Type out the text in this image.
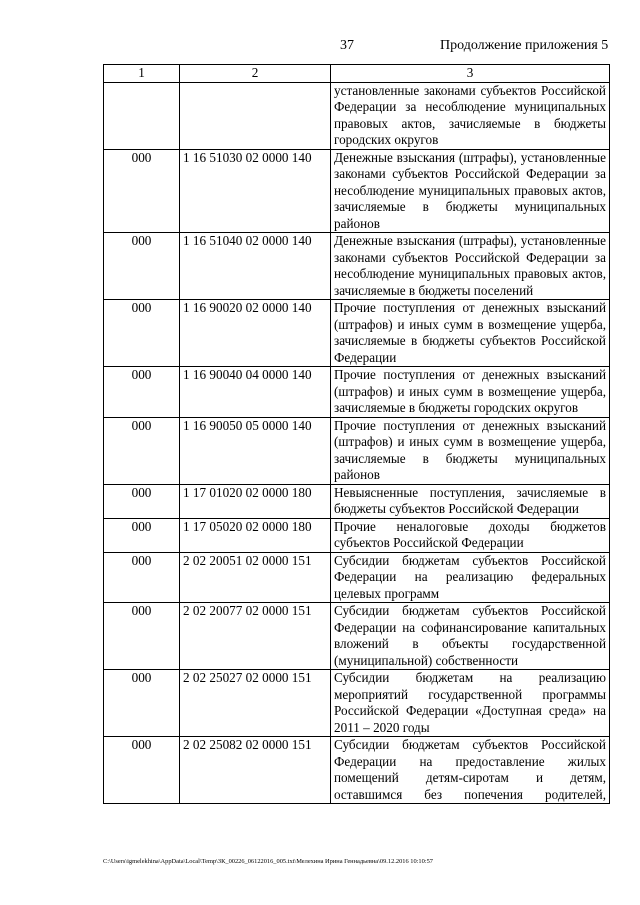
37	Продолжение приложения 5
1	2	3
		установленные законами субъектов Российской Федерации за несоблюдение муниципальных правовых актов, зачисляемые в бюджеты городских округов
000	1 16 51030 02 0000 140	Денежные взыскания (штрафы), установленные законами субъектов Российской Федерации за несоблюдение муниципальных правовых актов, зачисляемые в бюджеты муниципальных районов
000	1 16 51040 02 0000 140	Денежные взыскания (штрафы), установленные законами субъектов Российской Федерации за несоблюдение муниципальных правовых актов, зачисляемые в бюджеты поселений
000	1 16 90020 02 0000 140	Прочие поступления от денежных взысканий (штрафов) и иных сумм в возмещение ущерба, зачисляемые в бюджеты субъектов Российской Федерации
000	1 16 90040 04 0000 140	Прочие поступления от денежных взысканий (штрафов) и иных сумм в возмещение ущерба, зачисляемые в бюджеты городских округов
000	1 16 90050 05 0000 140	Прочие поступления от денежных взысканий (штрафов) и иных сумм в возмещение ущерба, зачисляемые в бюджеты муниципальных районов
000	1 17 01020 02 0000 180	Невыясненные поступления, зачисляемые в бюджеты субъектов Российской Федерации
000	1 17 05020 02 0000 180	Прочие неналоговые доходы бюджетов субъектов Российской Федерации
000	2 02 20051 02 0000 151	Субсидии бюджетам субъектов Российской Федерации на реализацию федеральных целевых программ
000	2 02 20077 02 0000 151	Субсидии бюджетам субъектов Российской Федерации на софинансирование капитальных вложений в объекты государственной (муниципальной) собственности
000	2 02 25027 02 0000 151	Субсидии бюджетам на реализацию мероприятий государственной программы Российской Федерации «Доступная среда» на 2011 – 2020 годы
000	2 02 25082 02 0000 151	Субсидии бюджетам субъектов Российской Федерации на предоставление жилых помещений детям-сиротам и детям, оставшимся без попечения родителей,
C:\Users\igmelekhina\AppData\Local\Temp\ЗК_00226_06122016_005.txt\Мелехина Ирина Геннадьевна\09.12.2016 10:10:57
